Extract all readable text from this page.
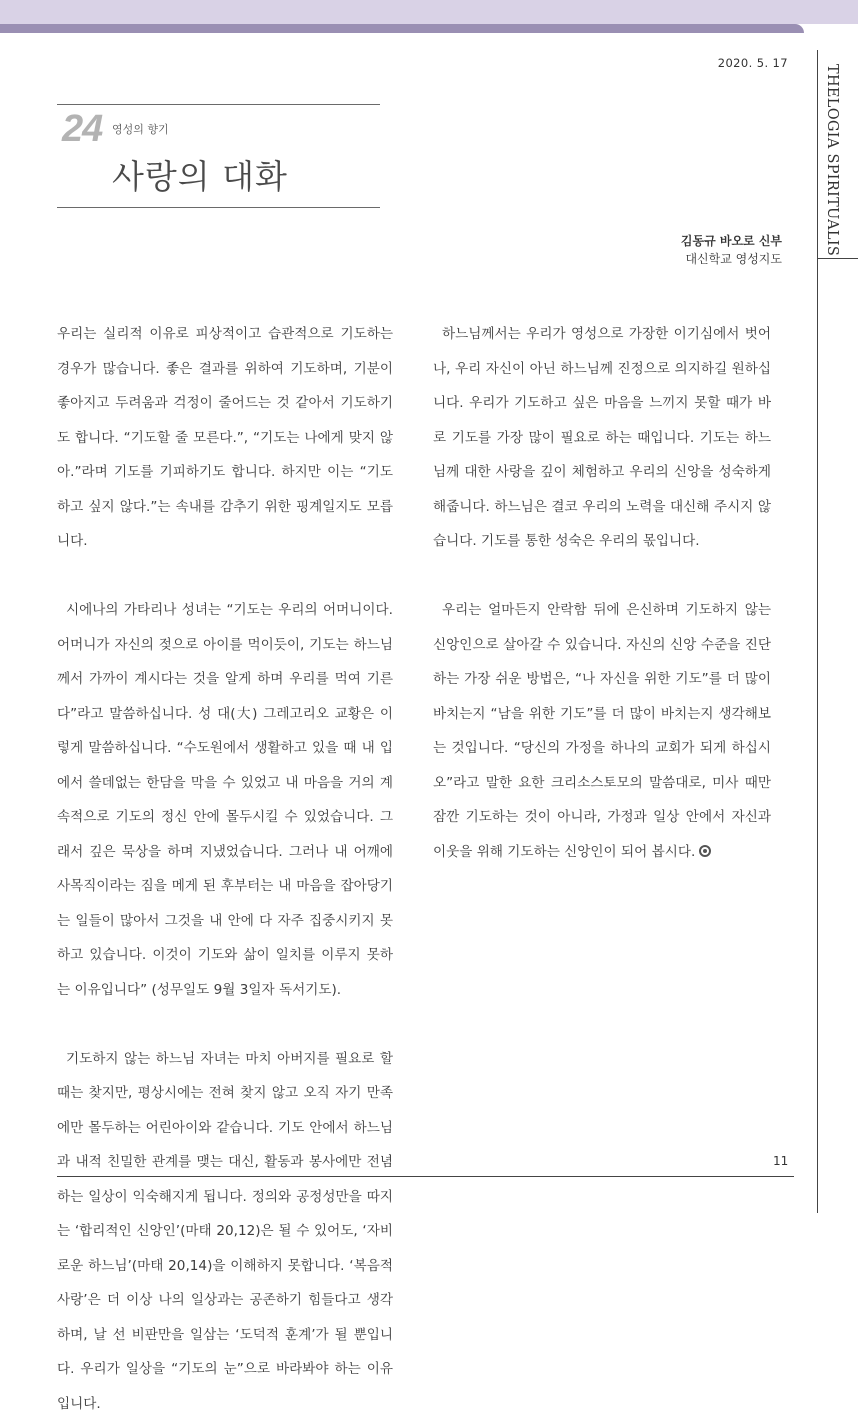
THELOGIA SPIRITUALIS
2020. 5. 17
24 영성의 향기
사랑의 대화
김동규 바오로 신부
대신학교 영성지도

우리는 실리적 이유로 피상적이고 습관적으로 기도하는 경우가 많습니다. 좋은 결과를 위하여 기도하며, 기분이 좋아지고 두려움과 걱정이 줄어드는 것 같아서 기도하기도 합니다. “기도할 줄 모른다.”, “기도는 나에게 맞지 않아.”라며 기도를 기피하기도 합니다. 하지만 이는 “기도하고 싶지 않다.”는 속내를 감추기 위한 핑계일지도 모릅니다.

시에나의 가타리나 성녀는 “기도는 우리의 어머니이다. 어머니가 자신의 젖으로 아이를 먹이듯이, 기도는 하느님께서 가까이 계시다는 것을 알게 하며 우리를 먹여 기른다”라고 말씀하십니다. 성 대(大) 그레고리오 교황은 이렇게 말씀하십니다. “수도원에서 생활하고 있을 때 내 입에서 쓸데없는 한담을 막을 수 있었고 내 마음을 거의 계속적으로 기도의 정신 안에 몰두시킬 수 있었습니다. 그래서 깊은 묵상을 하며 지냈었습니다. 그러나 내 어깨에 사목직이라는 짐을 메게 된 후부터는 내 마음을 잡아당기는 일들이 많아서 그것을 내 안에 다 자주 집중시키지 못하고 있습니다. 이것이 기도와 삶이 일치를 이루지 못하는 이유입니다” (성무일도 9월 3일자 독서기도).

기도하지 않는 하느님 자녀는 마치 아버지를 필요로 할 때는 찾지만, 평상시에는 전혀 찾지 않고 오직 자기 만족에만 몰두하는 어린아이와 같습니다. 기도 안에서 하느님과 내적 친밀한 관계를 맺는 대신, 활동과 봉사에만 전념하는 일상이 익숙해지게 됩니다. 정의와 공정성만을 따지는 ‘합리적인 신앙인’(마태 20,12)은 될 수 있어도, ‘자비로운 하느님’(마태 20,14)을 이해하지 못합니다. ‘복음적 사랑’은 더 이상 나의 일상과는 공존하기 힘들다고 생각하며, 날 선 비판만을 일삼는 ‘도덕적 훈계’가 될 뿐입니다. 우리가 일상을 “기도의 눈”으로 바라봐야 하는 이유입니다.

하느님께서는 우리가 영성으로 가장한 이기심에서 벗어나, 우리 자신이 아닌 하느님께 진정으로 의지하길 원하십니다. 우리가 기도하고 싶은 마음을 느끼지 못할 때가 바로 기도를 가장 많이 필요로 하는 때입니다. 기도는 하느님께 대한 사랑을 깊이 체험하고 우리의 신앙을 성숙하게 해줍니다. 하느님은 결코 우리의 노력을 대신해 주시지 않습니다. 기도를 통한 성숙은 우리의 몫입니다.

우리는 얼마든지 안락함 뒤에 은신하며 기도하지 않는 신앙인으로 살아갈 수 있습니다. 자신의 신앙 수준을 진단하는 가장 쉬운 방법은, “나 자신을 위한 기도”를 더 많이 바치는지 “남을 위한 기도”를 더 많이 바치는지 생각해보는 것입니다. “당신의 가정을 하나의 교회가 되게 하십시오”라고 말한 요한 크리소스토모의 말씀대로, 미사 때만 잠깐 기도하는 것이 아니라, 가정과 일상 안에서 자신과 이웃을 위해 기도하는 신앙인이 되어 봅시다.

11
